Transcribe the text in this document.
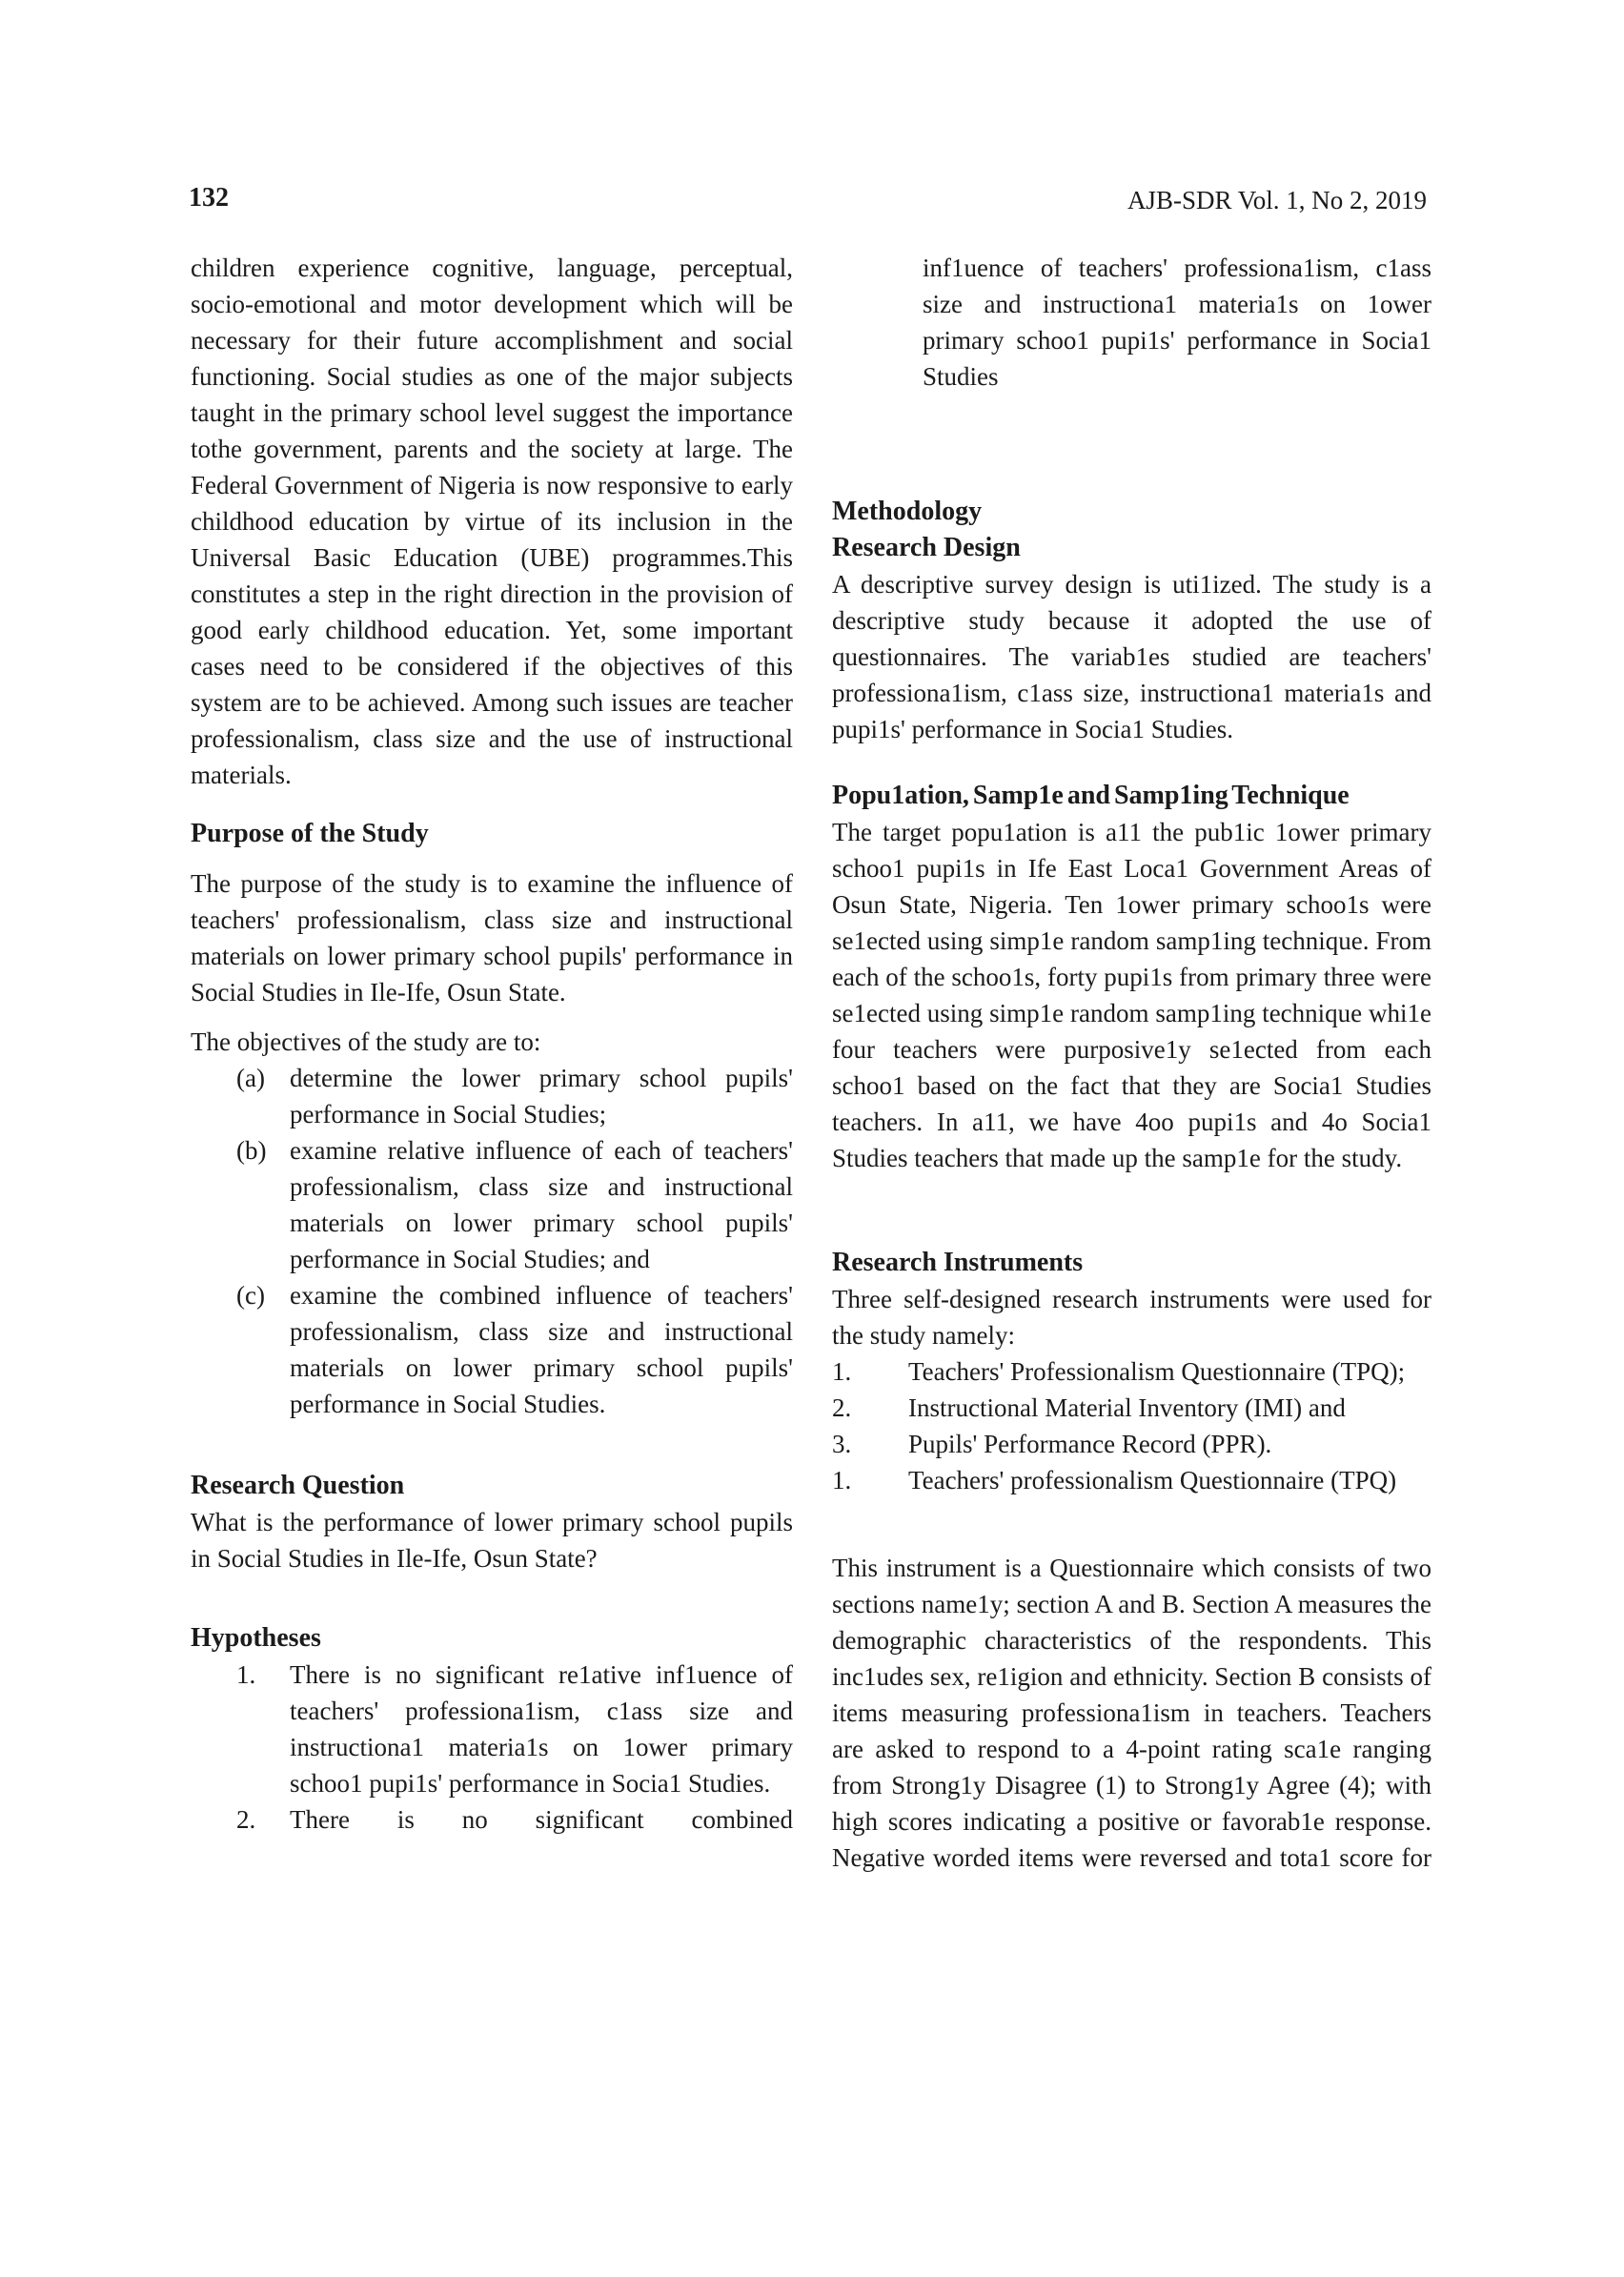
132	AJB-SDR Vol. 1, No 2, 2019

children experience cognitive, language, perceptual, socio-emotional and motor development which will be necessary for their future accomplishment and social functioning. Social studies as one of the major subjects taught in the primary school level suggest the importance tothe government, parents and the society at large. The Federal Government of Nigeria is now responsive to early childhood education by virtue of its inclusion in the Universal Basic Education (UBE) programmes.This constitutes a step in the right direction in the provision of good early childhood education. Yet, some important cases need to be considered if the objectives of this system are to be achieved. Among such issues are teacher professionalism, class size and the use of instructional materials.

Purpose of the Study

The purpose of the study is to examine the influence of teachers' professionalism, class size and instructional materials on lower primary school pupils' performance in Social Studies in Ile-Ife, Osun State.

The objectives of the study are to:

(a) determine the lower primary school pupils' performance in Social Studies;
(b) examine relative influence of each of teachers' professionalism, class size and instructional materials on lower primary school pupils' performance in Social Studies; and
(c) examine the combined influence of teachers' professionalism, class size and instructional materials on lower primary school pupils' performance in Social Studies.
Research Question

What is the performance of lower primary school pupils in Social Studies in Ile-Ife, Osun State?

Hypotheses
1. There is no significant re1ative inf1uence of teachers' professiona1ism, c1ass size and instructiona1 materia1s on 1ower primary schoo1 pupi1s' performance in Socia1 Studies.
2. There is no significant combined

inf1uence of teachers' professiona1ism, c1ass size and instructiona1 materia1s on 1ower primary schoo1 pupi1s' performance in Socia1 Studies

Methodology
Research Design

A descriptive survey design is uti1ized. The study is a descriptive study because it adopted the use of questionnaires. The variab1es studied are teachers' professiona1ism, c1ass size, instructiona1 materia1s and pupi1s' performance in Socia1 Studies.

Popu1ation, Samp1e and Samp1ing Technique

The target popu1ation is a11 the pub1ic 1ower primary schoo1 pupi1s in Ife East Loca1 Government Areas of Osun State, Nigeria. Ten 1ower primary schoo1s were se1ected using simp1e random samp1ing technique. From each of the schoo1s, forty pupi1s from primary three were se1ected using simp1e random samp1ing technique whi1e four teachers were purposive1y se1ected from each schoo1 based on the fact that they are Socia1 Studies teachers. In a11, we have 4oo pupi1s and 4o Socia1 Studies teachers that made up the samp1e for the study.

Research Instruments

Three self-designed research instruments were used for the study namely:

1. Teachers' Professionalism Questionnaire (TPQ);
2. Instructional Material Inventory (IMI) and
3. Pupils' Performance Record (PPR).
1. Teachers' professionalism Questionnaire (TPQ)

This instrument is a Questionnaire which consists of two sections name1y; section A and B. Section A measures the demographic characteristics of the respondents. This inc1udes sex, re1igion and ethnicity. Section B consists of items measuring professiona1ism in teachers. Teachers are asked to respond to a 4-point rating sca1e ranging from Strong1y Disagree (1) to Strong1y Agree (4); with high scores indicating a positive or favorab1e response. Negative worded items were reversed and tota1 score for
